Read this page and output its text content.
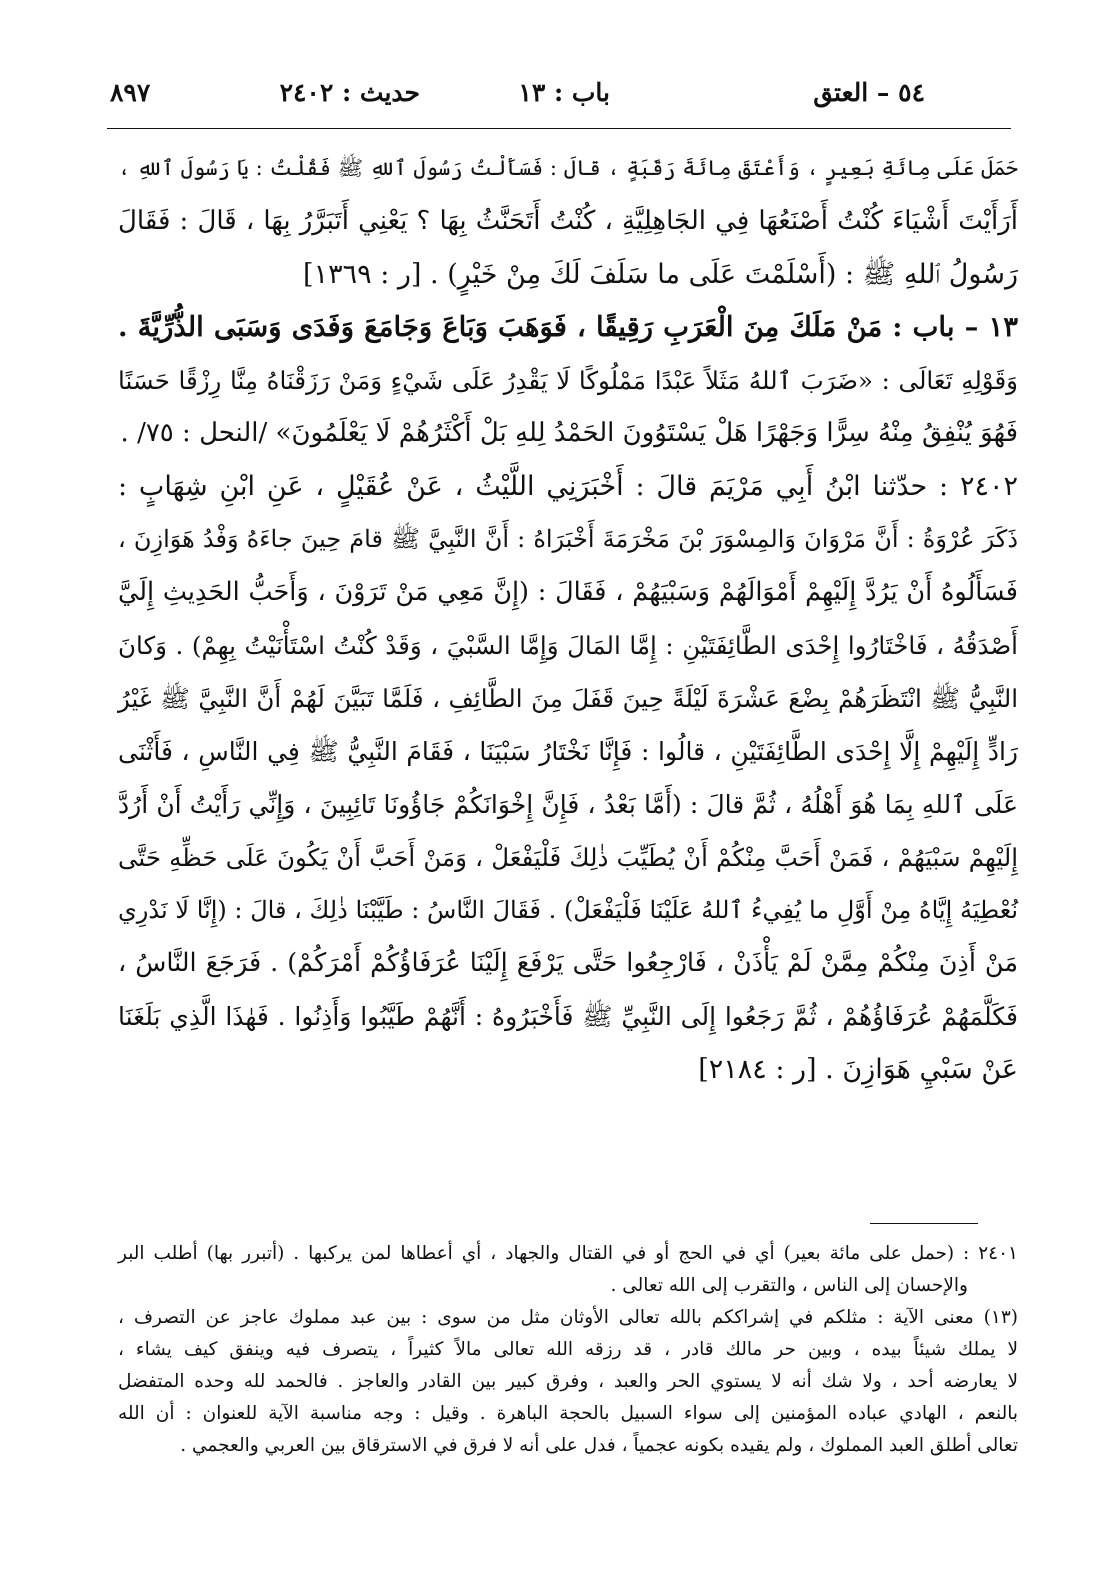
٥٤ – العتق
باب : ١٣
حديث : ٢٤٠٢
٨٩٧
حَمَلَ عَلَى مِائَةِ بَعِيرٍ ، وَأَعْتَقَ مِائَةَ رَقَبَةٍ ، قالَ : فَسَأَلْتُ رَسُولَ ٱللهِ ﷺ فَقُلْتُ : يَا رَسُولَ ٱللهِ ،
أَرَأَيْتَ أَشْيَاءَ كُنْتُ أَصْنَعُهَا فِي الجَاهِلِيَّةِ ، كُنْتُ أَتَحَنَّثُ بِهَا ؟ يَعْنِي أَتَبَرَّرُ بِهَا ، قَالَ : فَقَالَ
رَسُولُ ٱللهِ ﷺ : (أَسْلَمْتَ عَلَى ما سَلَفَ لَكَ مِنْ خَيْرٍ) . [ر : ١٣٦٩]
١٣ – باب : مَنْ مَلَكَ مِنَ الْعَرَبِ رَقِيقًا ، فَوَهَبَ وَبَاعَ وَجَامَعَ وَفَدَى وَسَبَى الذُّرِّيَّةَ .
وَقَوْلِهِ تَعَالَى : «ضَرَبَ ٱللهُ مَثَلاً عَبْدًا مَمْلُوكًا لَا يَقْدِرُ عَلَى شَيْءٍ وَمَنْ رَزَقْنَاهُ مِنَّا رِزْقًا حَسَنًا
فَهُوَ يُنْفِقُ مِنْهُ سِرًّا وَجَهْرًا هَلْ يَسْتَوُونَ الحَمْدُ لِلهِ بَلْ أَكْثَرُهُمْ لَا يَعْلَمُونَ» /النحل : ٧٥/ .
٢٤٠٢ : حدّثنا ابْنُ أَبِي مَرْيَمَ قالَ : أَخْبَرَنِي اللَّيْثُ ، عَنْ عُقَيْلٍ ، عَنِ ابْنِ شِهَابٍ :
ذَكَرَ عُرْوَةُ : أَنَّ مَرْوَانَ وَالمِسْوَرَ بْنَ مَخْرَمَةَ أَخْبَرَاهُ : أَنَّ النَّبِيَّ ﷺ قامَ حِينَ جاءَهُ وَفْدُ هَوَازِنَ ،
فَسَأَلُوهُ أَنْ يَرُدَّ إِلَيْهِمْ أَمْوَالَهُمْ وَسَبْيَهُمْ ، فَقَالَ : (إِنَّ مَعِي مَنْ تَرَوْنَ ، وَأَحَبُّ الحَدِيثِ إِلَيَّ
أَصْدَقُهُ ، فَاخْتَارُوا إِحْدَى الطَّائِفَتَيْنِ : إِمَّا المَالَ وَإِمَّا السَّبْيَ ، وَقَدْ كُنْتُ اسْتَأْنَيْتُ بِهِمْ) . وَكانَ
النَّبِيُّ ﷺ انْتَظَرَهُمْ بِضْعَ عَشْرَةَ لَيْلَةً حِينَ قَفَلَ مِنَ الطَّائِفِ ، فَلَمَّا تَبَيَّنَ لَهُمْ أَنَّ النَّبِيَّ ﷺ غَيْرُ
رَادٍّ إِلَيْهِمْ إِلَّا إِحْدَى الطَّائِفَتَيْنِ ، قالُوا : فَإِنَّا نَخْتَارُ سَبْيَنَا ، فَقَامَ النَّبِيُّ ﷺ فِي النَّاسِ ، فَأَثْنَى
عَلَى ٱللهِ بِمَا هُوَ أَهْلُهُ ، ثُمَّ قالَ : (أَمَّا بَعْدُ ، فَإِنَّ إِخْوَانَكُمْ جَاؤُونَا تَائِبِينَ ، وَإِنِّي رَأَيْتُ أَنْ أَرُدَّ
إِلَيْهِمْ سَبْيَهُمْ ، فَمَنْ أَحَبَّ مِنْكُمْ أَنْ يُطَيِّبَ ذٰلِكَ فَلْيَفْعَلْ ، وَمَنْ أَحَبَّ أَنْ يَكُونَ عَلَى حَظِّهِ حَتَّى
نُعْطِيَهُ إِيَّاهُ مِنْ أَوَّلِ ما يُفِيءُ ٱللهُ عَلَيْنَا فَلْيَفْعَلْ) . فَقَالَ النَّاسُ : طَيَّبْنَا ذٰلِكَ ، قالَ : (إِنَّا لَا نَدْرِي
مَنْ أَذِنَ مِنْكُمْ مِمَّنْ لَمْ يَأْذَنْ ، فَارْجِعُوا حَتَّى يَرْفَعَ إِلَيْنَا عُرَفَاؤُكُمْ أَمْرَكُمْ) . فَرَجَعَ النَّاسُ ،
فَكَلَّمَهُمْ عُرَفَاؤُهُمْ ، ثُمَّ رَجَعُوا إِلَى النَّبِيِّ ﷺ فَأَخْبَرُوهُ : أَنَّهُمْ طَيَّبُوا وَأَذِنُوا . فَهٰذَا الَّذِي بَلَغَنَا
عَنْ سَبْيِ هَوَازِنَ . [ر : ٢١٨٤]
٢٤٠١ : (حمل على مائة بعير) أي في الحج أو في القتال والجهاد ، أي أعطاها لمن يركبها . (أتبرر بها) أطلب البر
والإحسان إلى الناس ، والتقرب إلى الله تعالى .
(١٣) معنى الآية : مثلكم في إشراككم بالله تعالى الأوثان مثل من سوى : بين عبد مملوك عاجز عن التصرف ،
لا يملك شيئاً بيده ، وبين حر مالك قادر ، قد رزقه الله تعالى مالاً كثيراً ، يتصرف فيه وينفق كيف يشاء ،
لا يعارضه أحد ، ولا شك أنه لا يستوي الحر والعبد ، وفرق كبير بين القادر والعاجز . فالحمد لله وحده المتفضل
بالنعم ، الهادي عباده المؤمنين إلى سواء السبيل بالحجة الباهرة . وقيل : وجه مناسبة الآية للعنوان : أن الله
تعالى أطلق العبد المملوك ، ولم يقيده بكونه عجمياً ، فدل على أنه لا فرق في الاسترقاق بين العربي والعجمي .
